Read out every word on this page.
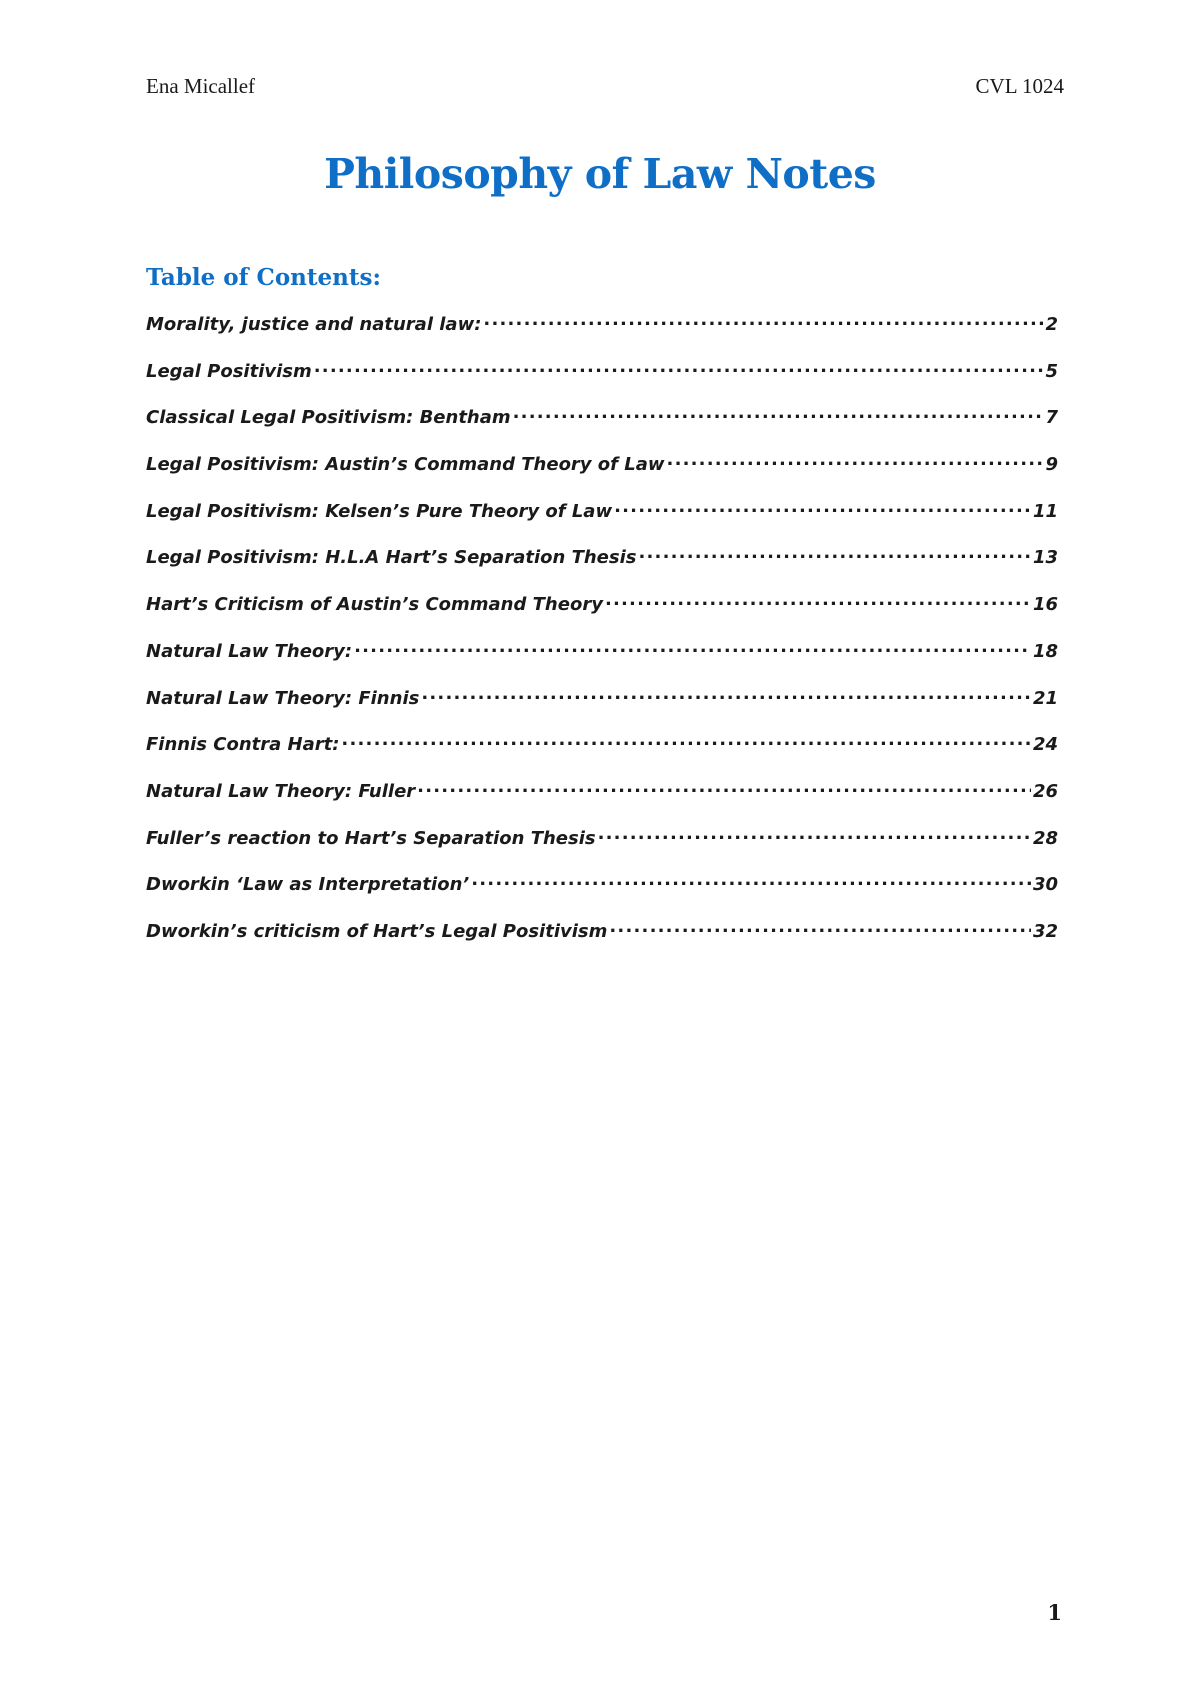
Ena Micallef	CVL 1024
Philosophy of Law Notes
Table of Contents:
Morality, justice and natural law: .....	2
Legal Positivism .....	5
Classical Legal Positivism: Bentham .....	7
Legal Positivism: Austin’s Command Theory of Law .....	9
Legal Positivism: Kelsen’s Pure Theory of Law .....	11
Legal Positivism: H.L.A Hart’s Separation Thesis .....	13
Hart’s Criticism of Austin’s Command Theory .....	16
Natural Law Theory: .....	18
Natural Law Theory: Finnis .....	21
Finnis Contra Hart: .....	24
Natural Law Theory: Fuller .....	26
Fuller’s reaction to Hart’s Separation Thesis .....	28
Dworkin ‘Law as Interpretation’ .....	30
Dworkin’s criticism of Hart’s Legal Positivism .....	32
1
